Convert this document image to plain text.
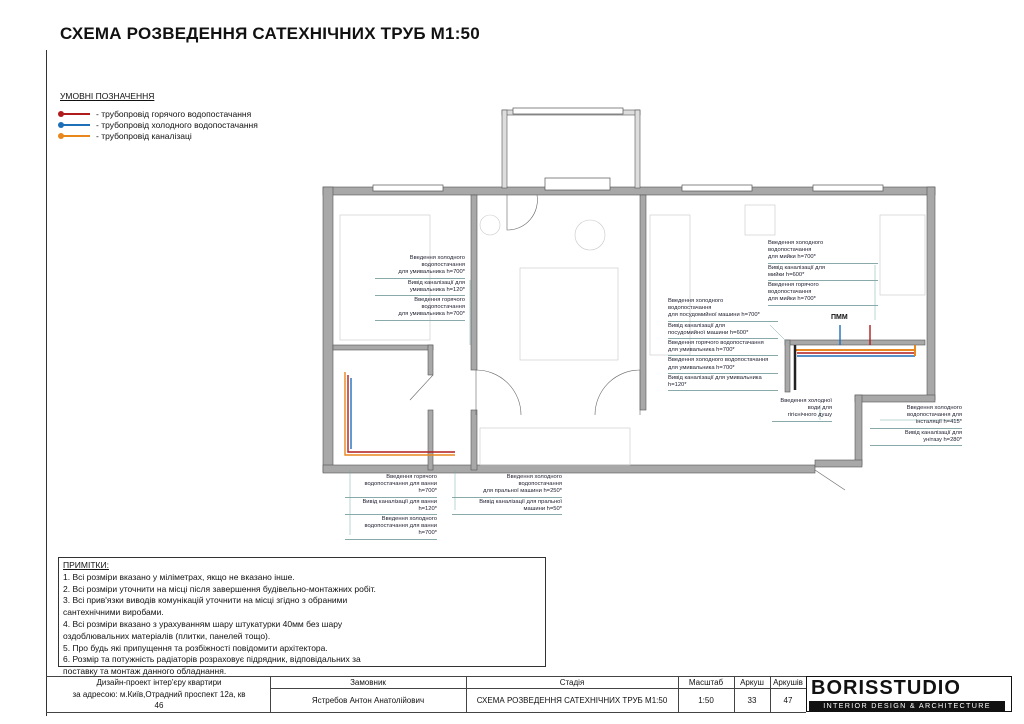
СХЕМА РОЗВЕДЕННЯ САТЕХНІЧНИХ ТРУБ М1:50
УМОВНІ ПОЗНАЧЕННЯ
- трубопровід горячого водопостачання
- трубопровід холодного водопостачання
- трубопровід каналізаці
Введення холодного
водопостачання
для умивальника h=700*
Вивід каналізації для
умивальника h=120*
Введення горячого
водопостачання
для умивальника h=700*
Введення горячого
водопостачання для ванни
h=700*
Вивід каналізації для ванни
h=120*
Введення холодного
водопостачання для ванни
h=700*
Введення холодного
водопостачання
для пральної машини h=250*
Вивід каналізації для пральної
машини h=50*
Введення холодного
водопостачання
для посудомийної машини h=700*
Вивід каналізації для
посудомийної машини h=600*
Введення горячого водопостачання
для умивальника h=700*
Введення холодного водопостачання
для умивальника h=700*
Вивід каналізації для умивальника
h=120*
Введення холодного
водопостачання
для мийки h=700*
Вивід каналізації для
мийки h=600*
Введення горячого
водопостачання
для мийки h=700*
ПММ
Введення холодної
води для
гігієнічного душу
Введення холодного
водопостачання для
інсталяції h=415*
Вивід каналізації для
унітазу h=280*
ПРИМІТКИ:
1. Всі розміри вказано у міліметрах, якщо не вказано інше.
2. Всі розміри уточнити на місці після завершення будівельно-монтажних робіт.
3. Всі прив'язки виводів комунікацій уточнити на місці згідно з обраними
сантехнічними виробами.
4. Всі розміри вказано з урахуванням шару штукатурки 40мм без шару
оздоблювальних матеріалів (плитки, панелей тощо).
5. Про будь які припущення та розбіжності повідомити архітектора.
6. Розмір та потужність радіаторів розраховує підрядник, відповідальних за
поставку та монтаж данного обладнання.
Дизайн-проект інтер'єру квартири
за адресою: м.Київ,Отрадний проспект 12а, кв
46
Замовник
Ястребов Антон Анатолійович
Стадія
СХЕМА РОЗВЕДЕННЯ САТЕХНІЧНИХ ТРУБ М1:50
Масштаб
1:50
Аркуш
33
Аркушів
47
BORISSTUDIO
INTERIOR DESIGN & ARCHITECTURE
